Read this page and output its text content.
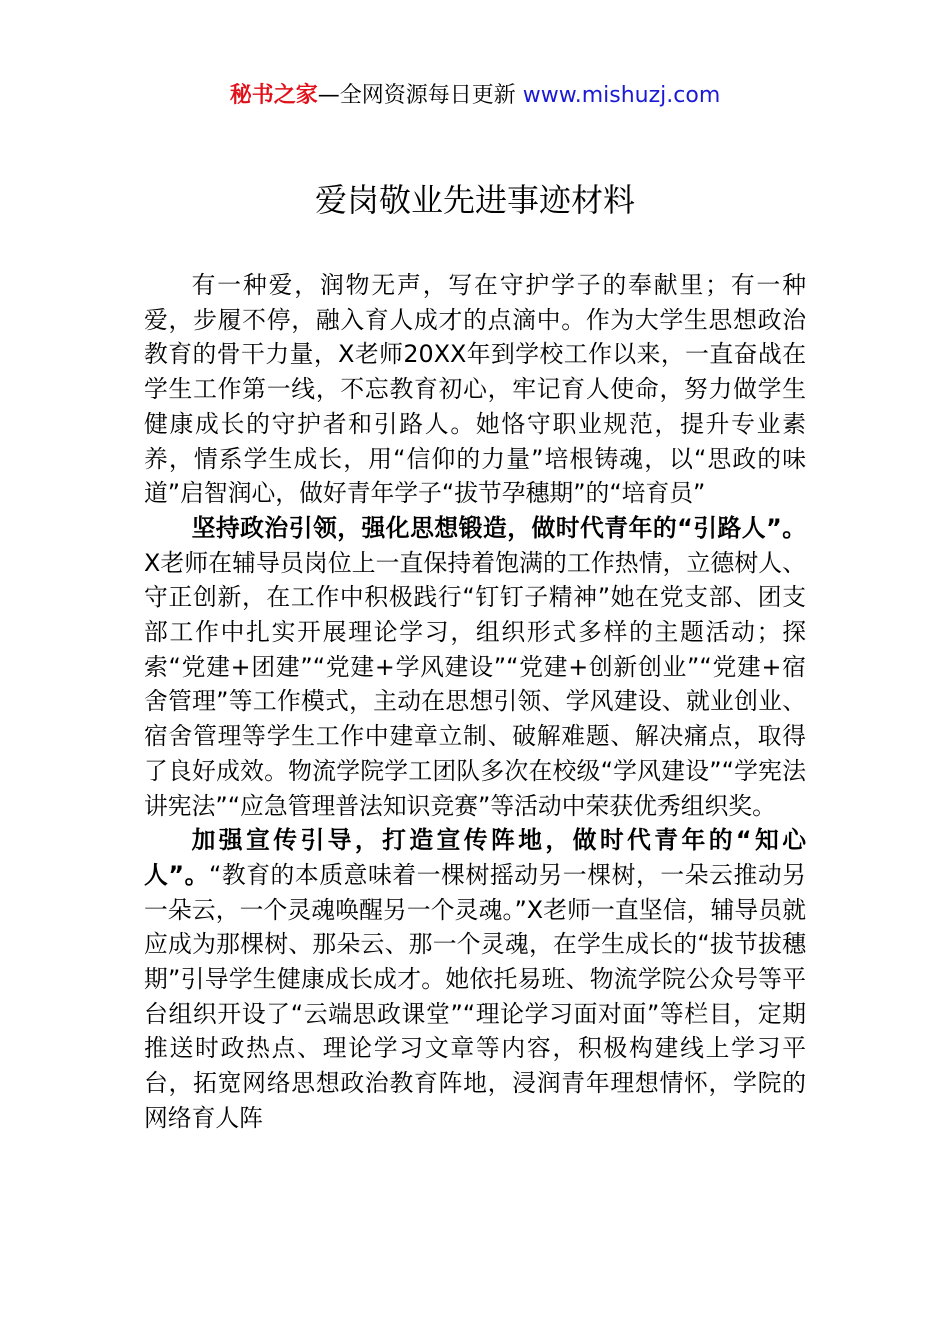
秘书之家—全网资源每日更新 www.mishuzj.com
爱岗敬业先进事迹材料

有一种爱，润物无声，写在守护学子的奉献里；有一种爱，步履不停，融入育人成才的点滴中。作为大学生思想政治教育的骨干力量，X老师20XX年到学校工作以来，一直奋战在学生工作第一线，不忘教育初心，牢记育人使命，努力做学生健康成长的守护者和引路人。她恪守职业规范，提升专业素养，情系学生成长，用“信仰的力量”培根铸魂，以“思政的味道”启智润心，做好青年学子“拔节孕穗期”的“培育员”

坚持政治引领，强化思想锻造，做时代青年的“引路人”。X老师在辅导员岗位上一直保持着饱满的工作热情，立德树人、守正创新，在工作中积极践行“钉钉子精神”她在党支部、团支部工作中扎实开展理论学习，组织形式多样的主题活动；探索“党建+团建”“党建+学风建设”“党建+创新创业”“党建+宿舍管理”等工作模式，主动在思想引领、学风建设、就业创业、宿舍管理等学生工作中建章立制、破解难题、解决痛点，取得了良好成效。物流学院学工团队多次在校级“学风建设”“学宪法 讲宪法”“应急管理普法知识竞赛”等活动中荣获优秀组织奖。

加强宣传引导，打造宣传阵地，做时代青年的“知心人”。“教育的本质意味着一棵树摇动另一棵树，一朵云推动另一朵云，一个灵魂唤醒另一个灵魂。”X老师一直坚信，辅导员就应成为那棵树、那朵云、那一个灵魂，在学生成长的“拔节拔穗期”引导学生健康成长成才。她依托易班、物流学院公众号等平台组织开设了“云端思政课堂”“理论学习面对面”等栏目，定期推送时政热点、理论学习文章等内容，积极构建线上学习平台，拓宽网络思想政治教育阵地，浸润青年理想情怀，学院的网络育人阵
